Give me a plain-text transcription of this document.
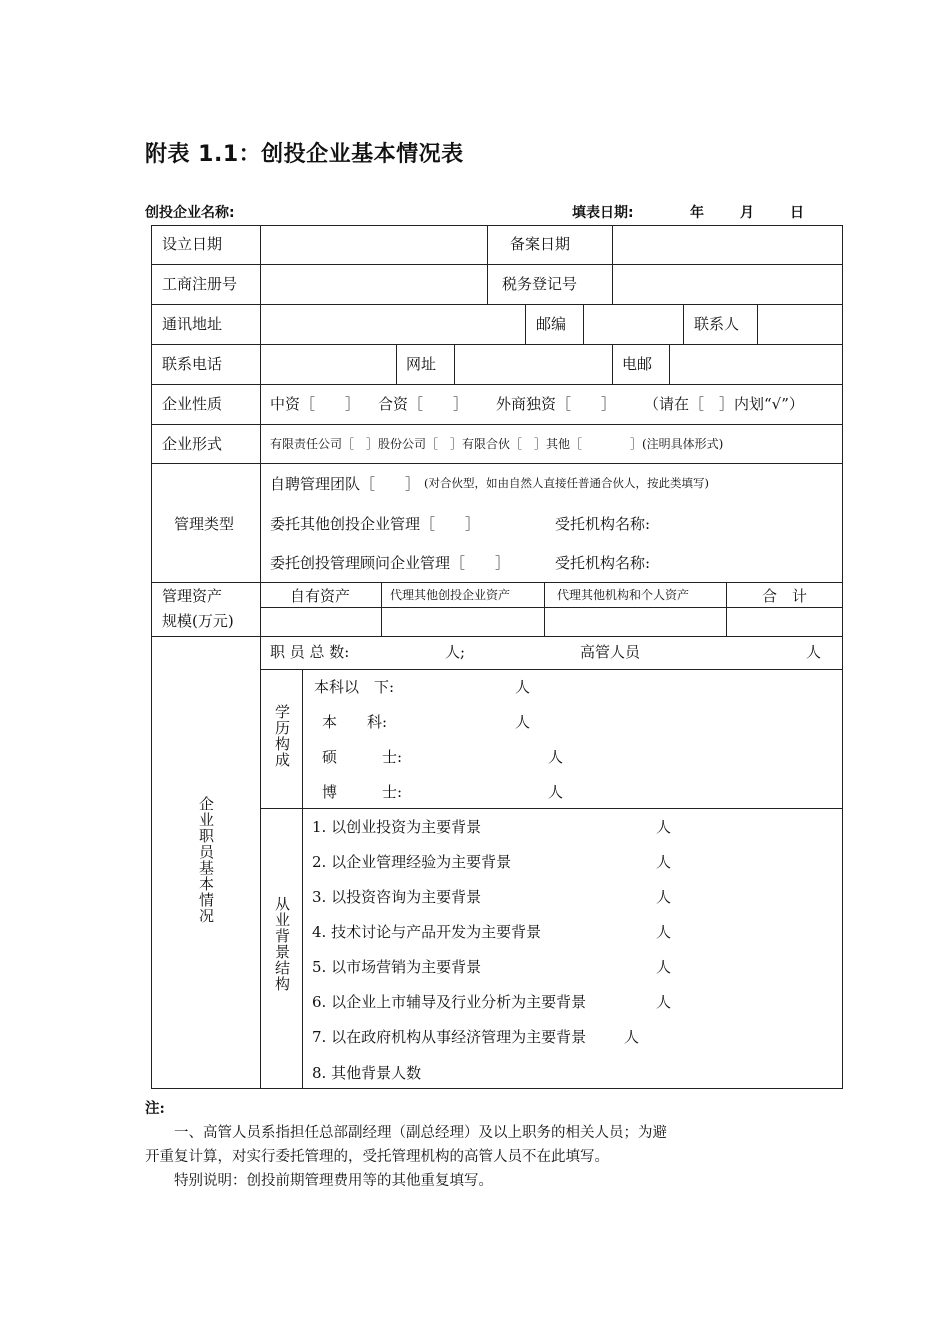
附表 1.1：创投企业基本情况表
创投企业名称:	填表日期:	年	月	日
设立日期	备案日期
工商注册号	税务登记号
通讯地址	邮编	联系人
联系电话	网址	电邮
企业性质	中资［　　］ 合资［　　］ 外商独资［　　］ （请在［　］内划“√”）
企业形式	有限责任公司［　］股份公司［　］有限合伙［　］其他［　　　　］(注明具体形式)
管理类型
自聘管理团队［　　］ (对合伙型，如由自然人直接任普通合伙人，按此类填写)
委托其他创投企业管理［　　］	受托机构名称:
委托创投管理顾问企业管理［　　］	受托机构名称:
管理资产
规模(万元)
自有资产	代理其他创投企业资产	代理其他机构和个人资产	合　计
企业职员基本情况
职 员 总 数:	人;	高管人员	人
学历构成
本科以　下:	人
本　　科:	人
硕　　　士:	人
博　　　士:	人
从业背景结构
1. 以创业投资为主要背景	人
2. 以企业管理经验为主要背景	人
3. 以投资咨询为主要背景	人
4. 技术讨论与产品开发为主要背景	人
5. 以市场营销为主要背景	人
6. 以企业上市辅导及行业分析为主要背景	人
7. 以在政府机构从事经济管理为主要背景	人
8. 其他背景人数
注:
一、高管人员系指担任总部副经理（副总经理）及以上职务的相关人员；为避
开重复计算，对实行委托管理的，受托管理机构的高管人员不在此填写。
特别说明：创投前期管理费用等的其他重复填写。
